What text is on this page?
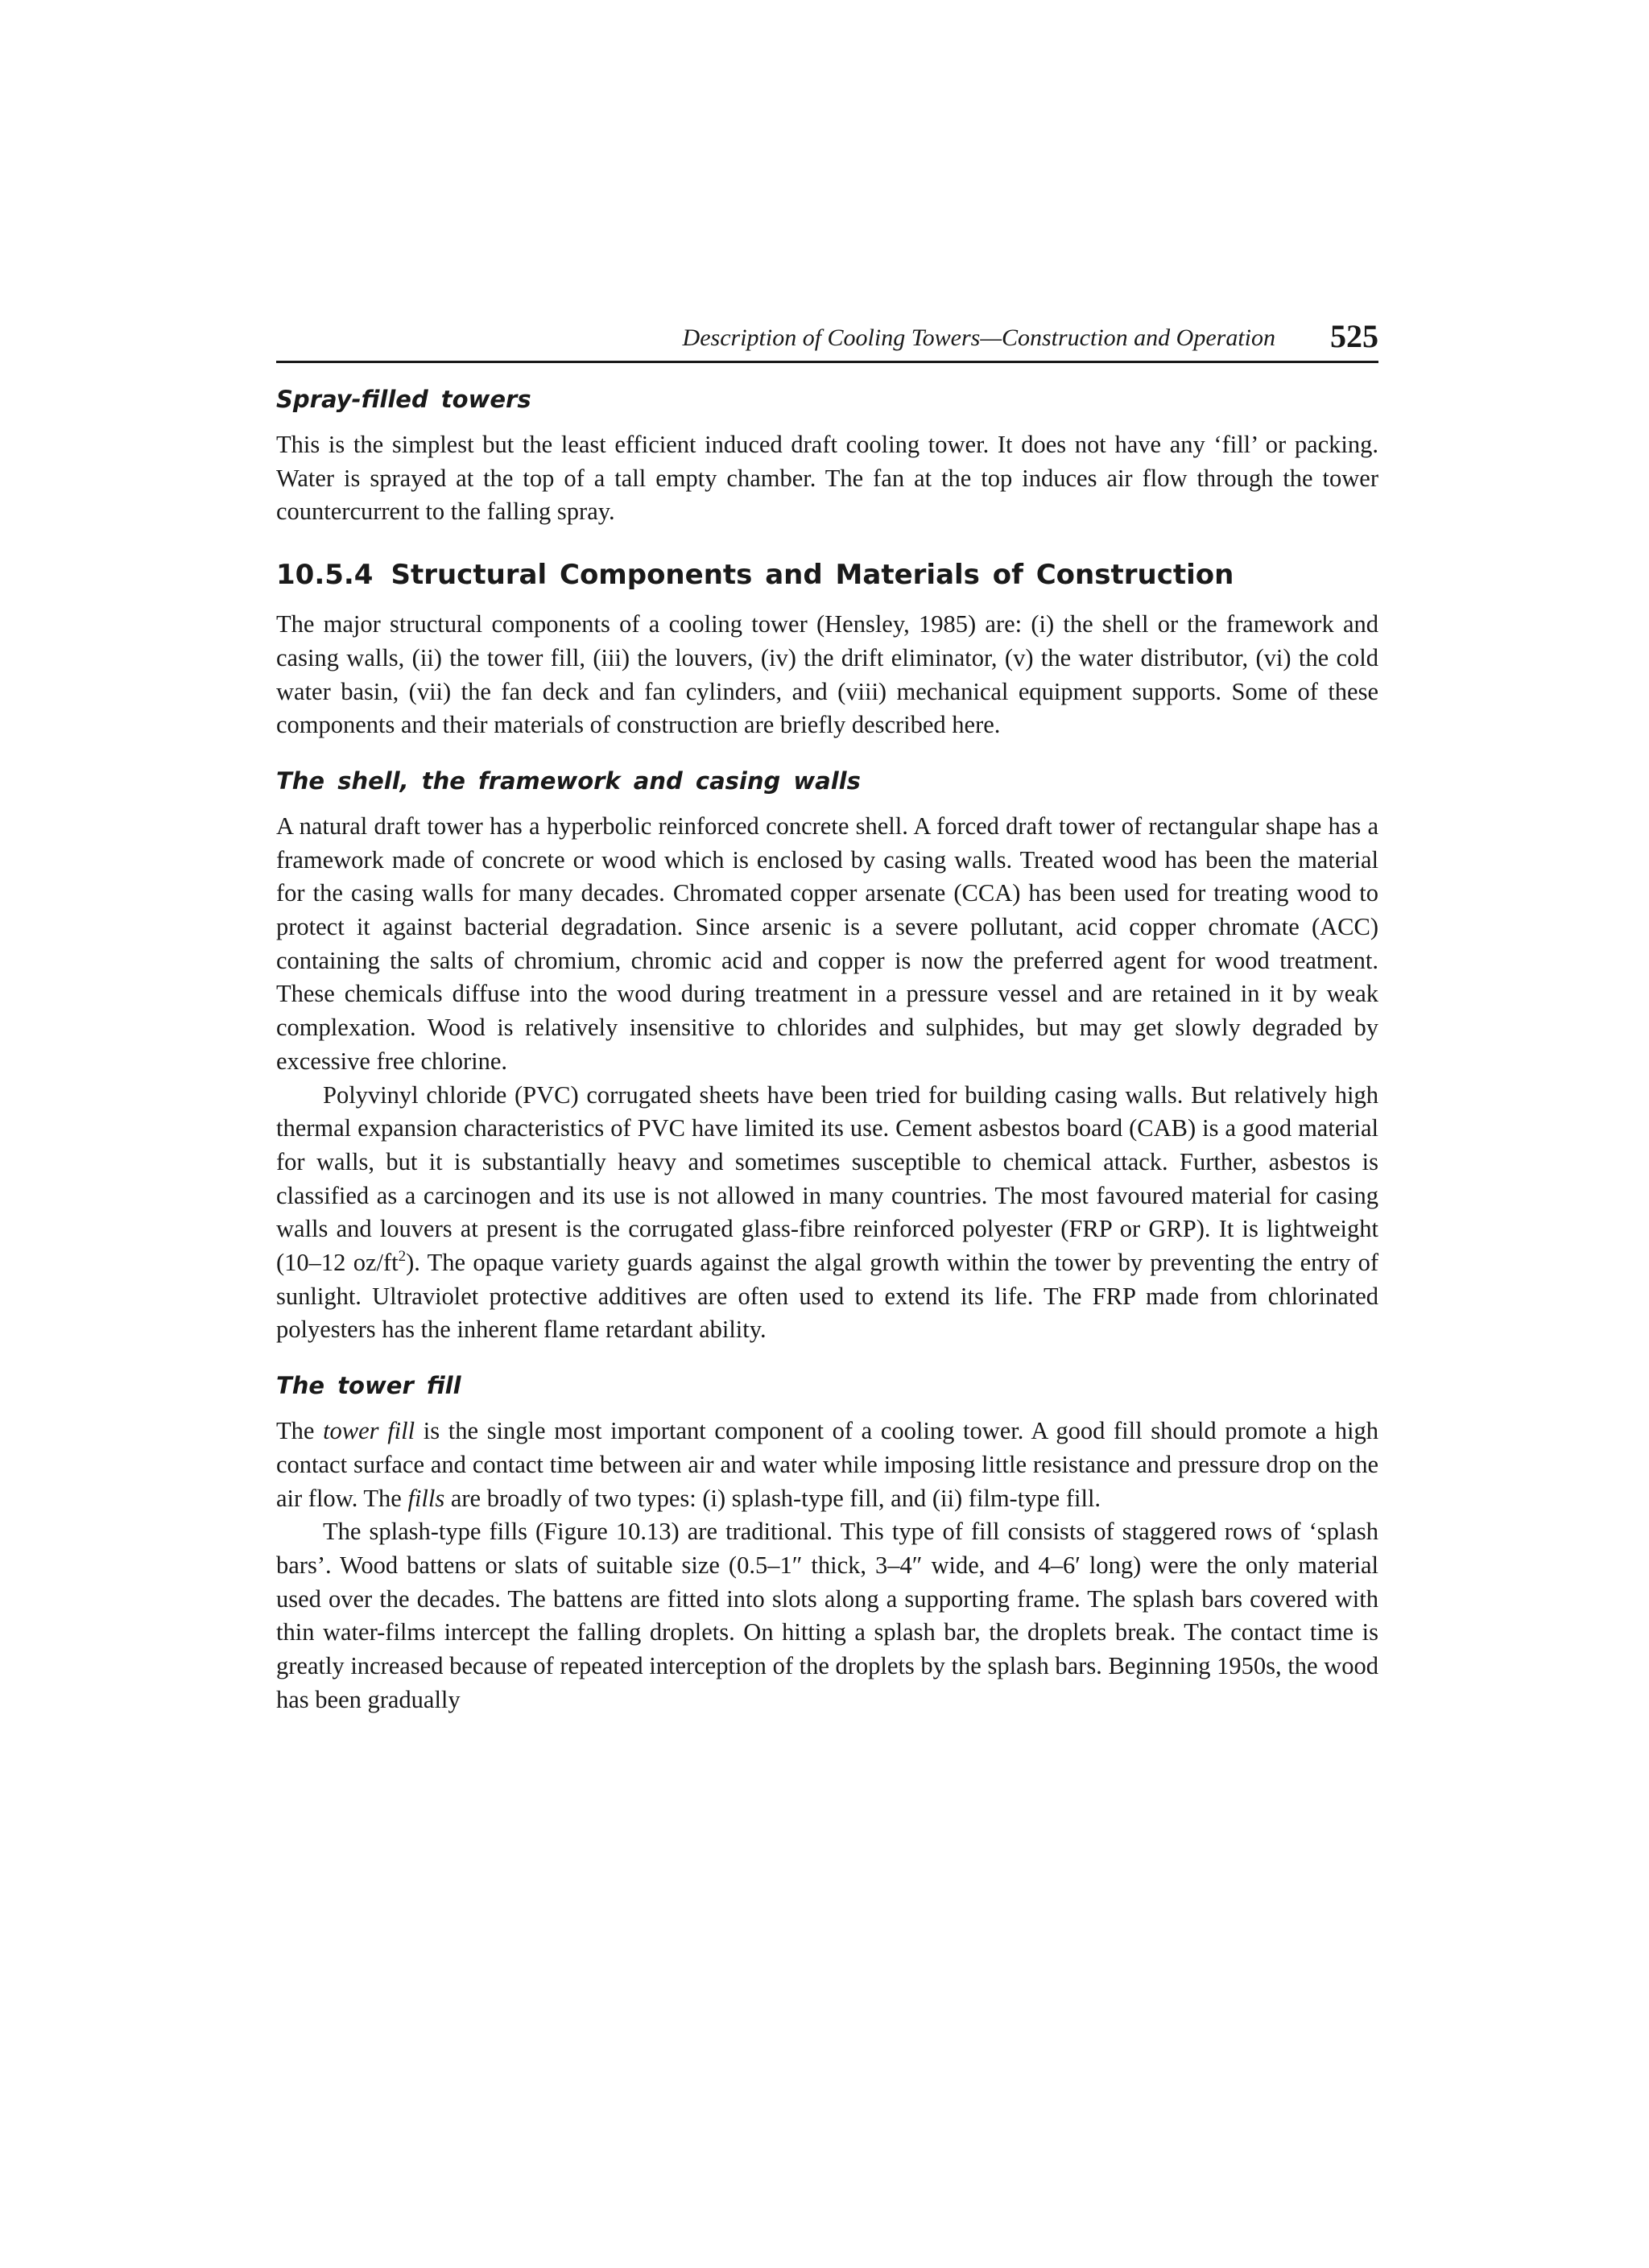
Description of Cooling Towers—Construction and Operation 525
Spray-filled towers

This is the simplest but the least efficient induced draft cooling tower. It does not have any ‘fill’ or packing. Water is sprayed at the top of a tall empty chamber. The fan at the top induces air flow through the tower countercurrent to the falling spray.

10.5.4 Structural Components and Materials of Construction

The major structural components of a cooling tower (Hensley, 1985) are: (i) the shell or the framework and casing walls, (ii) the tower fill, (iii) the louvers, (iv) the drift eliminator, (v) the water distributor, (vi) the cold water basin, (vii) the fan deck and fan cylinders, and (viii) mechanical equipment supports. Some of these components and their materials of construction are briefly described here.

The shell, the framework and casing walls

A natural draft tower has a hyperbolic reinforced concrete shell. A forced draft tower of rectangular shape has a framework made of concrete or wood which is enclosed by casing walls. Treated wood has been the material for the casing walls for many decades. Chromated copper arsenate (CCA) has been used for treating wood to protect it against bacterial degradation. Since arsenic is a severe pollutant, acid copper chromate (ACC) containing the salts of chromium, chromic acid and copper is now the preferred agent for wood treatment. These chemicals diffuse into the wood during treatment in a pressure vessel and are retained in it by weak complexation. Wood is relatively insensitive to chlorides and sulphides, but may get slowly degraded by excessive free chlorine.

Polyvinyl chloride (PVC) corrugated sheets have been tried for building casing walls. But relatively high thermal expansion characteristics of PVC have limited its use. Cement asbestos board (CAB) is a good material for walls, but it is substantially heavy and sometimes susceptible to chemical attack. Further, asbestos is classified as a carcinogen and its use is not allowed in many countries. The most favoured material for casing walls and louvers at present is the corrugated glass-fibre reinforced polyester (FRP or GRP). It is lightweight (10–12 $oz/ft^2$). The opaque variety guards against the algal growth within the tower by preventing the entry of sunlight. Ultraviolet protective additives are often used to extend its life. The FRP made from chlorinated polyesters has the inherent flame retardant ability.

The tower fill

The tower fill is the single most important component of a cooling tower. A good fill should promote a high contact surface and contact time between air and water while imposing little resistance and pressure drop on the air flow. The fills are broadly of two types: (i) splash-type fill, and (ii) film-type fill.

The splash-type fills (Figure 10.13) are traditional. This type of fill consists of staggered rows of ‘splash bars’. Wood battens or slats of suitable size (0.5–1″ thick, 3–4″ wide, and 4–6′ long) were the only material used over the decades. The battens are fitted into slots along a supporting frame. The splash bars covered with thin water-films intercept the falling droplets. On hitting a splash bar, the droplets break. The contact time is greatly increased because of repeated interception of the droplets by the splash bars. Beginning 1950s, the wood has been gradually
